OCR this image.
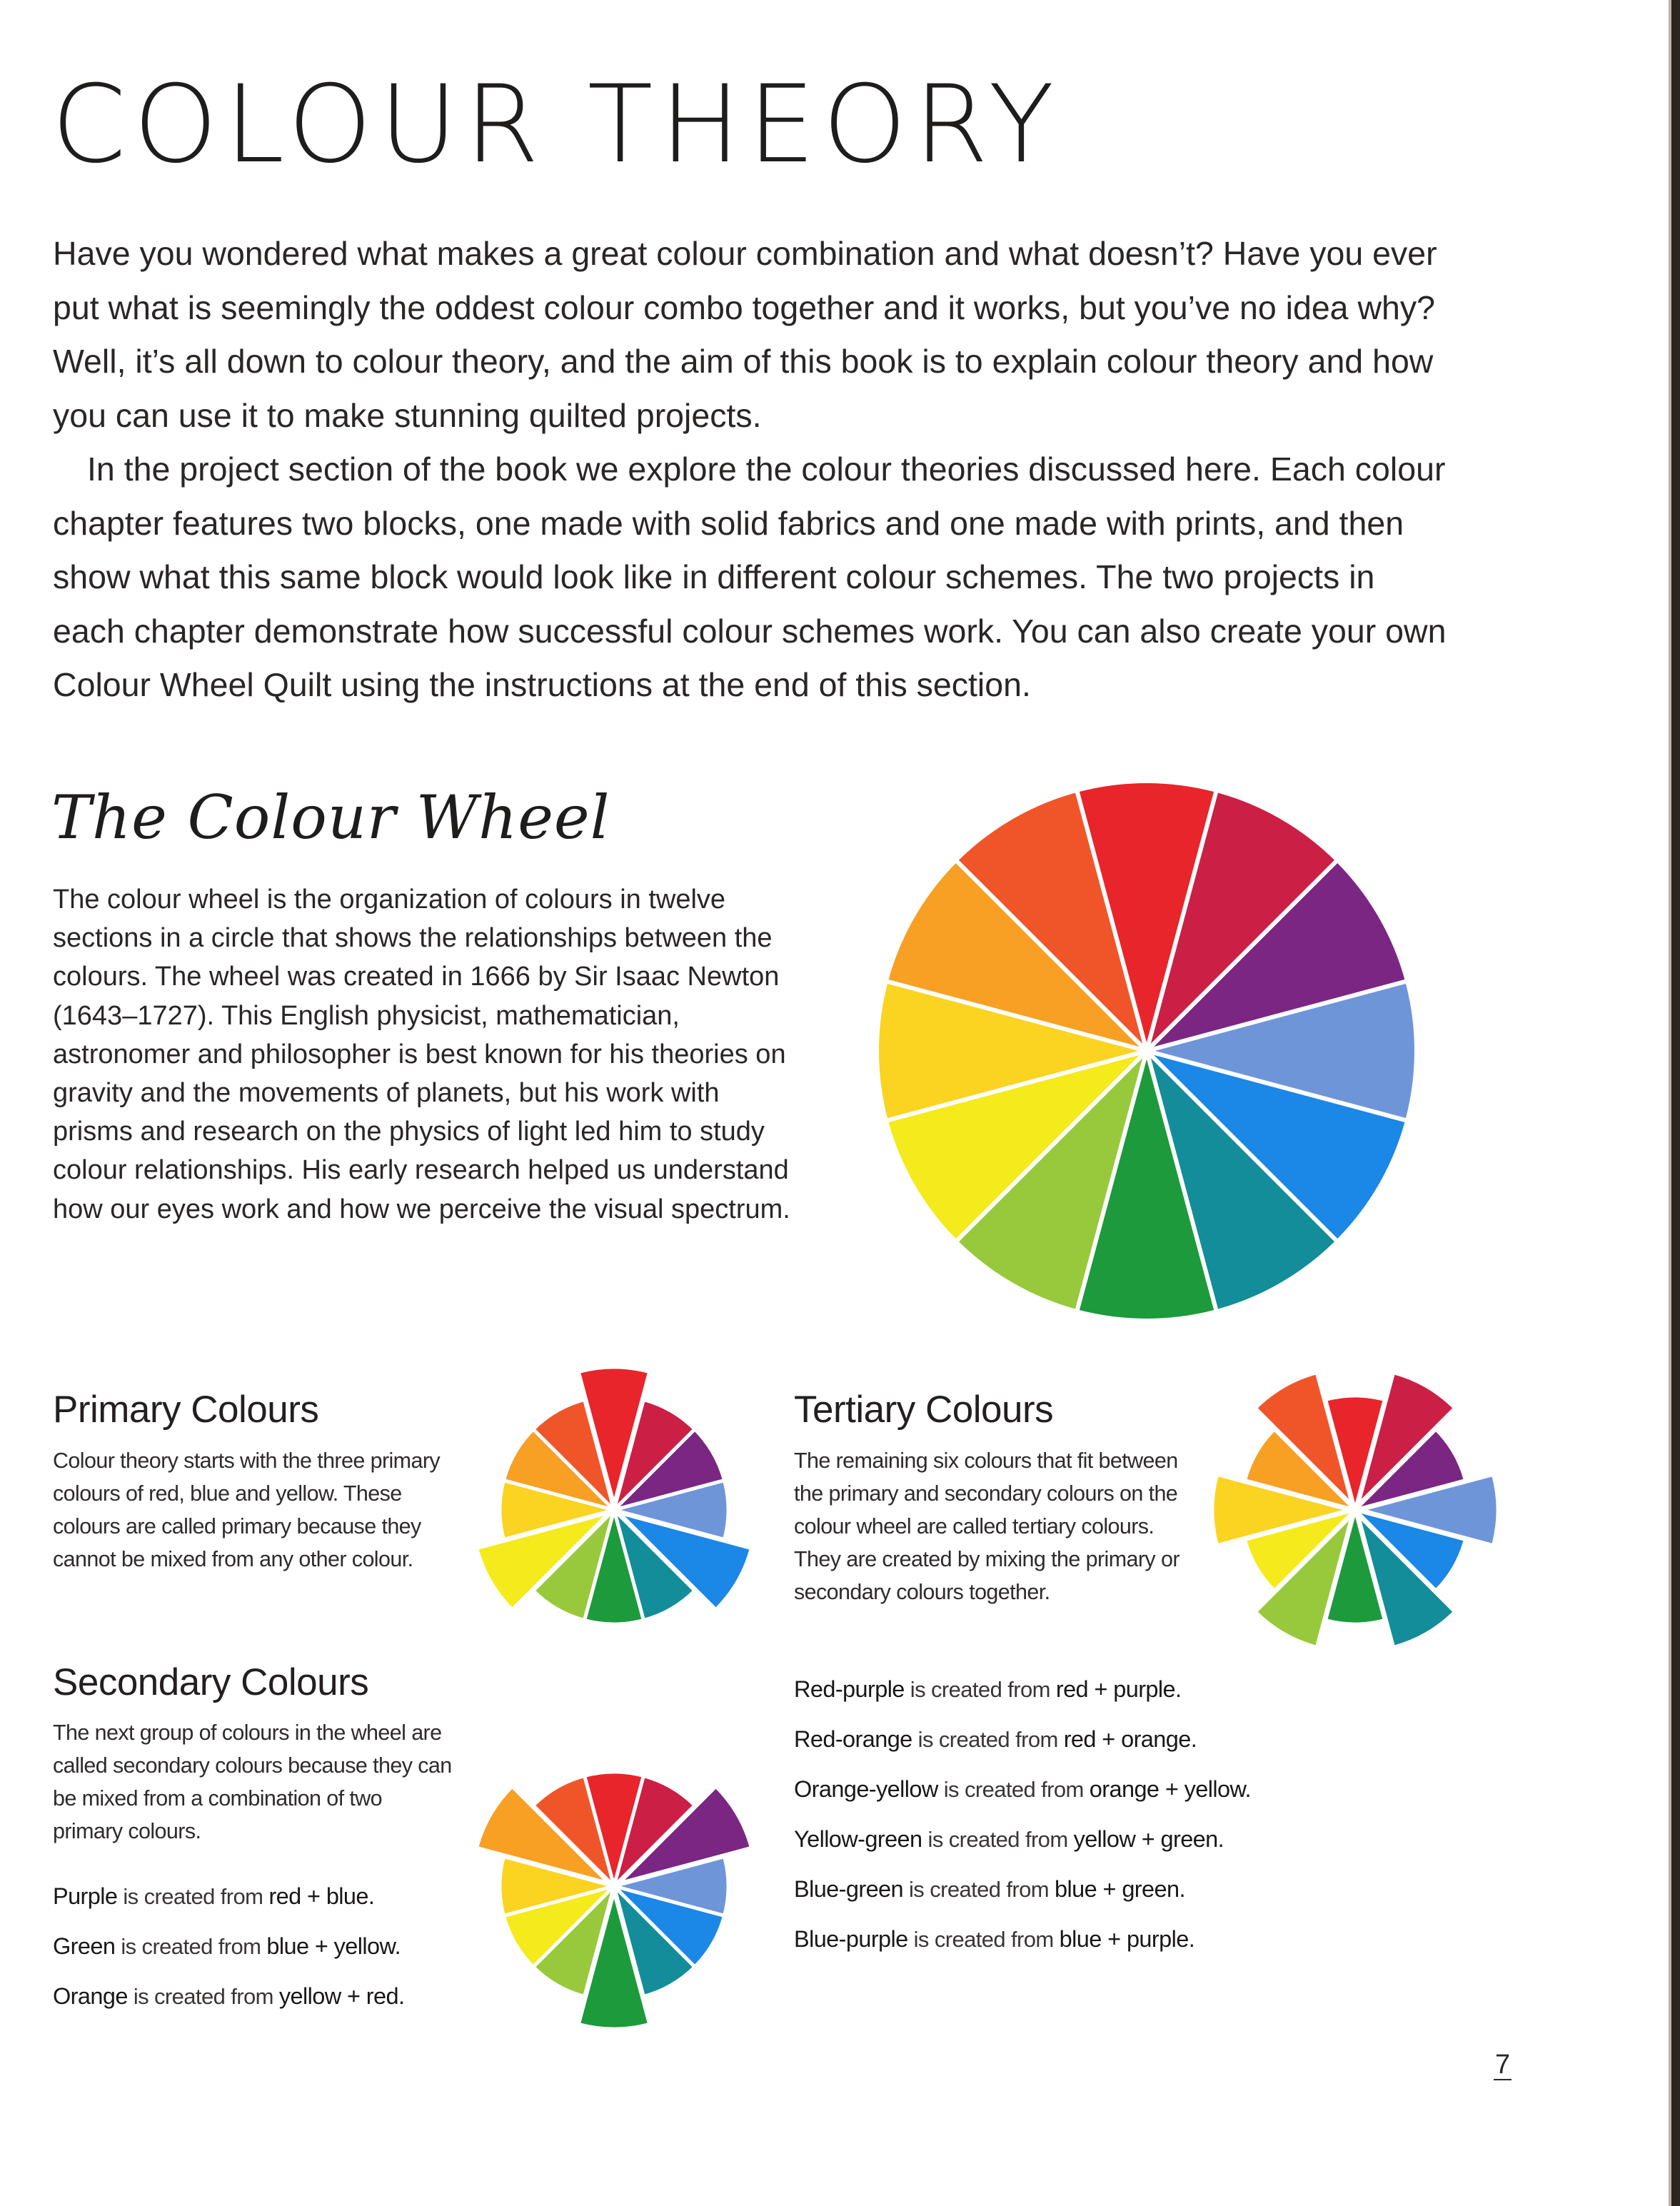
COLOUR THEORY

Have you wondered what makes a great colour combination and what doesn’t? Have you ever put what is seemingly the oddest colour combo together and it works, but you’ve no idea why? Well, it’s all down to colour theory, and the aim of this book is to explain colour theory and how you can use it to make stunning quilted projects.

In the project section of the book we explore the colour theories discussed here. Each colour chapter features two blocks, one made with solid fabrics and one made with prints, and then show what this same block would look like in different colour schemes. The two projects in each chapter demonstrate how successful colour schemes work. You can also create your own Colour Wheel Quilt using the instructions at the end of this section.

The Colour Wheel

The colour wheel is the organization of colours in twelve sections in a circle that shows the relationships between the colours. The wheel was created in 1666 by Sir Isaac Newton (1643–1727). This English physicist, mathematician, astronomer and philosopher is best known for his theories on gravity and the movements of planets, but his work with prisms and research on the physics of light led him to study colour relationships. His early research helped us understand how our eyes work and how we perceive the visual spectrum.

Primary Colours

Colour theory starts with the three primary colours of red, blue and yellow. These colours are called primary because they cannot be mixed from any other colour.

Secondary Colours

The next group of colours in the wheel are called secondary colours because they can be mixed from a combination of two primary colours.

Purple is created from red + blue.
Green is created from blue + yellow.
Orange is created from yellow + red.
Tertiary Colours

The remaining six colours that fit between the primary and secondary colours on the colour wheel are called tertiary colours. They are created by mixing the primary or secondary colours together.

Red-purple is created from red + purple.
Red-orange is created from red + orange.
Orange-yellow is created from orange + yellow.
Yellow-green is created from yellow + green.
Blue-green is created from blue + green.
Blue-purple is created from blue + purple.

7
